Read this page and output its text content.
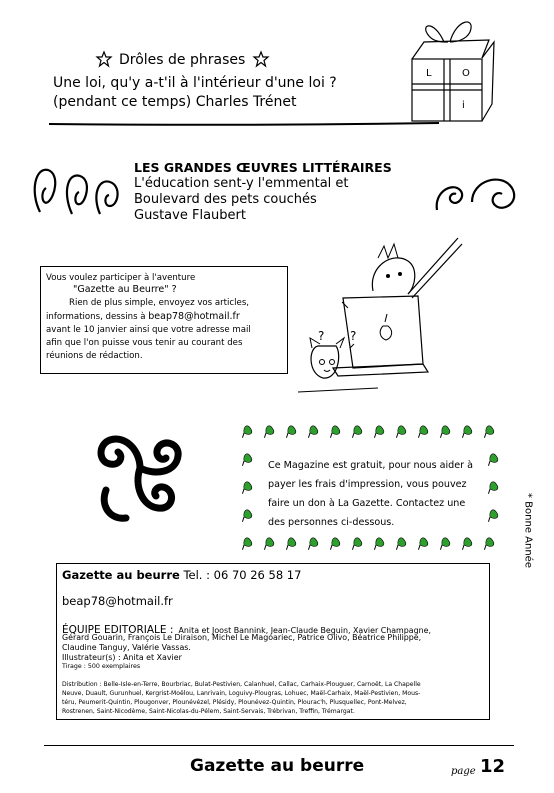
Drôles de phrases
Une loi, qu'y a-t'il à l'intérieur d'une loi ?
(pendant ce temps) Charles Trénet
L	O
i
LES GRANDES ŒUVRES LITTÉRAIRES
L'éducation sent-y l'emmental et
Boulevard des pets couchés
Gustave Flaubert
Vous voulez participer à l'aventure
"Gazette au Beurre" ?
Rien de plus simple, envoyez vos articles,
informations, dessins à beap78@hotmail.fr
avant le 10 janvier ainsi que votre adresse mail
afin que l'on puisse vous tenir au courant des
réunions de rédaction.
? ?
Ce Magazine est gratuit, pour nous aider à
payer les frais d'impression, vous pouvez
faire un don à La Gazette. Contactez une
des personnes ci-dessous.	* Bonne Année
Gazette au beurre Tel. : 06 70 26 58 17
beap78@hotmail.fr
ÉQUIPE EDITORIALE : Anita et Joost Bannink, Jean-Claude Beguin, Xavier Champagne,
Gérard Gouarin, François Le Diraison, Michel Le Magoariec, Patrice Olivo, Béatrice Philippe,
Claudine Tanguy, Valérie Vassas.
Illustrateur(s) : Anita et Xavier
Tirage : 500 exemplaires
Distribution : Belle-Isle-en-Terre, Bourbriac, Bulat-Pestivien, Calanhuel, Callac, Carhaix-Plouguer, Carnoët, La Chapelle
Neuve, Duault, Gurunhuel, Kergrist-Moëlou, Lanrivain, Loguivy-Plougras, Lohuec, Maël-Carhaix, Maël-Pestivien, Mous-
téru, Peumerit-Quintin, Plougonver, Plounévézel, Plésidy, Plounévez-Quintin, Plourac'h, Plusquellec, Pont-Melvez,
Rostrenen, Saint-Nicodème, Saint-Nicolas-du-Pélem, Saint-Servais, Trébrivan, Treffin, Trémargat.
Gazette au beurre	page 12
